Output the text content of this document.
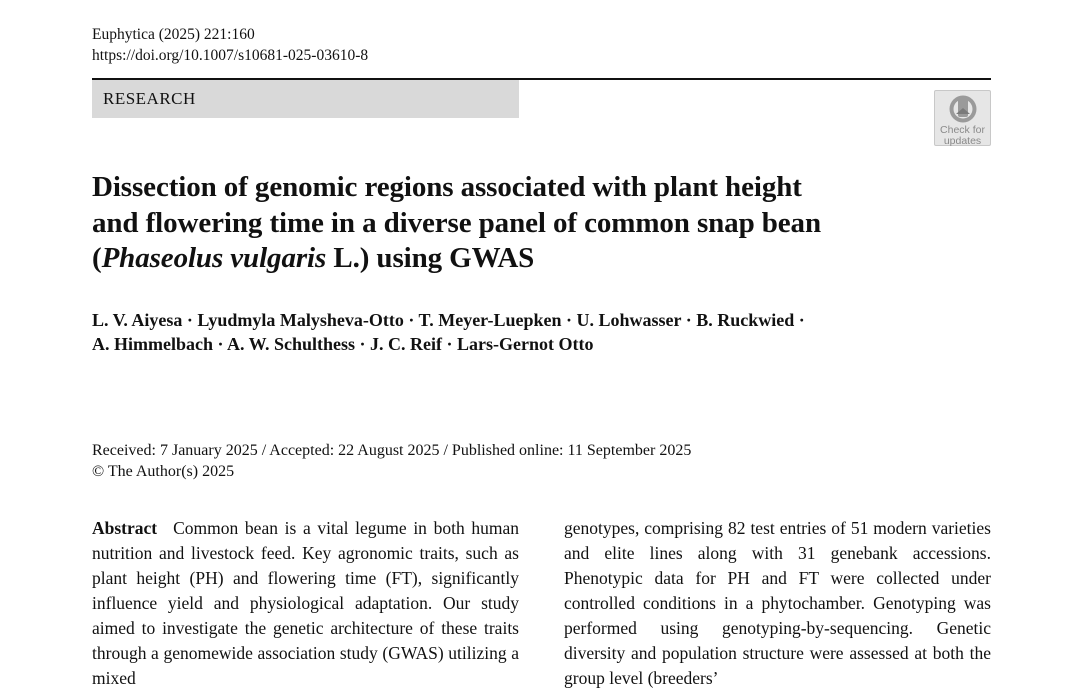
Euphytica (2025) 221:160
https://doi.org/10.1007/s10681-025-03610-8
RESEARCH
Check for
updates
Dissection of genomic regions associated with plant height
and flowering time in a diverse panel of common snap bean
(Phaseolus vulgaris L.) using GWAS
L. V. Aiyesa · Lyudmyla Malysheva-Otto · T. Meyer-Luepken · U. Lohwasser · B. Ruckwied ·
A. Himmelbach · A. W. Schulthess · J. C. Reif · Lars-Gernot Otto
Received: 7 January 2025 / Accepted: 22 August 2025 / Published online: 11 September 2025
© The Author(s) 2025
Abstract Common bean is a vital legume in both human nutrition and livestock feed. Key agronomic traits, such as plant height (PH) and flowering time (FT), significantly influence yield and physiological adaptation. Our study aimed to investigate the genetic architecture of these traits through a genomewide association study (GWAS) utilizing a mixed
genotypes, comprising 82 test entries of 51 modern varieties and elite lines along with 31 genebank accessions. Phenotypic data for PH and FT were collected under controlled conditions in a phytochamber. Genotyping was performed using genotyping-by-sequencing. Genetic diversity and population structure were assessed at both the group level (breeders’
